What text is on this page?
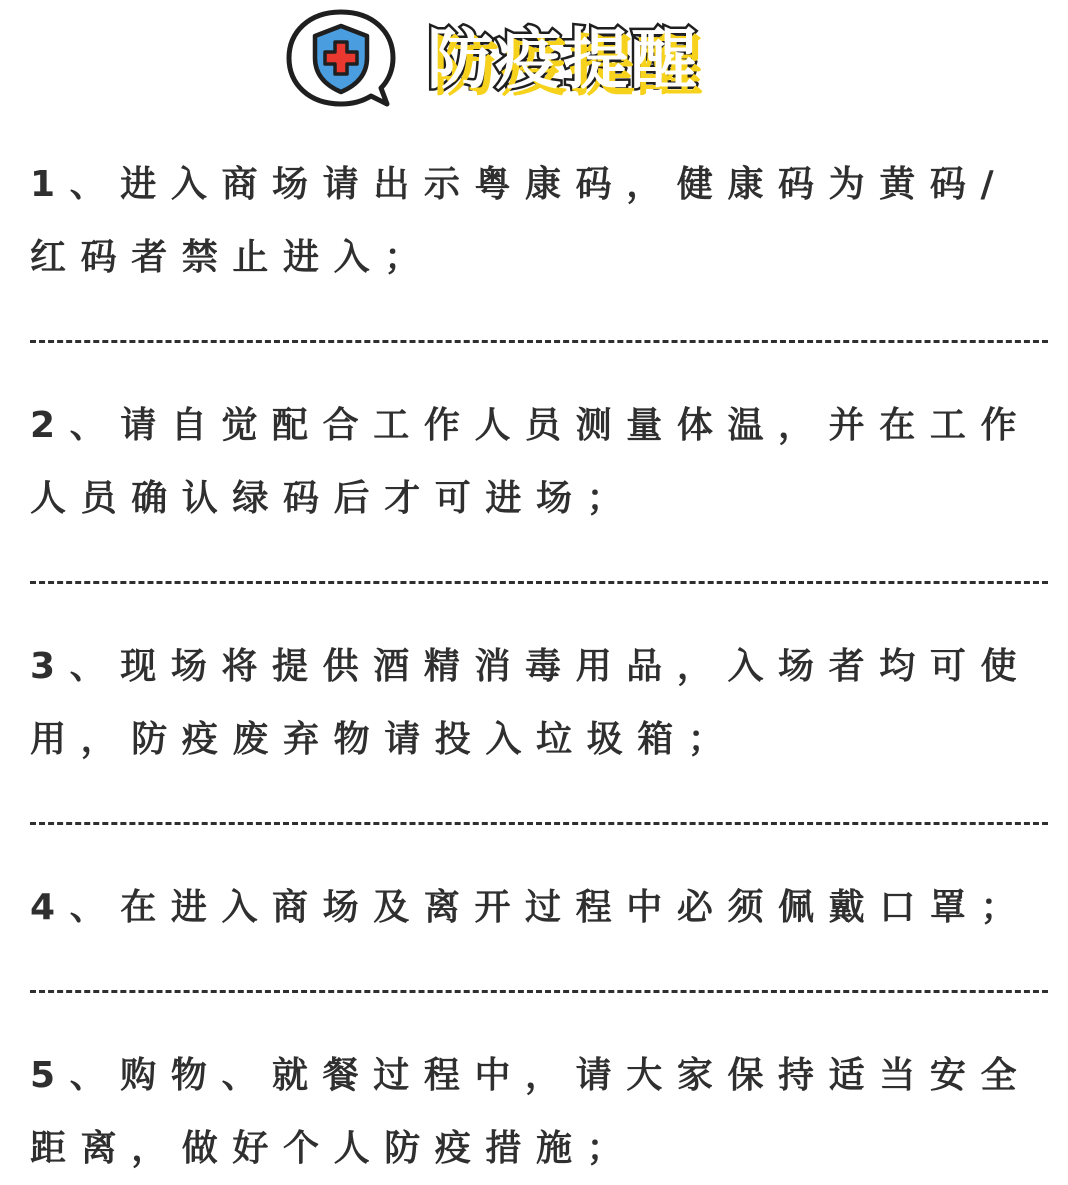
防疫提醒

1、进入商场请出示粤康码，健康码为黄码/红码者禁止进入；

2、请自觉配合工作人员测量体温，并在工作人员确认绿码后才可进场；

3、现场将提供酒精消毒用品，入场者均可使用，防疫废弃物请投入垃圾箱；

4、在进入商场及离开过程中必须佩戴口罩；

5、购物、就餐过程中，请大家保持适当安全距离，做好个人防疫措施；
